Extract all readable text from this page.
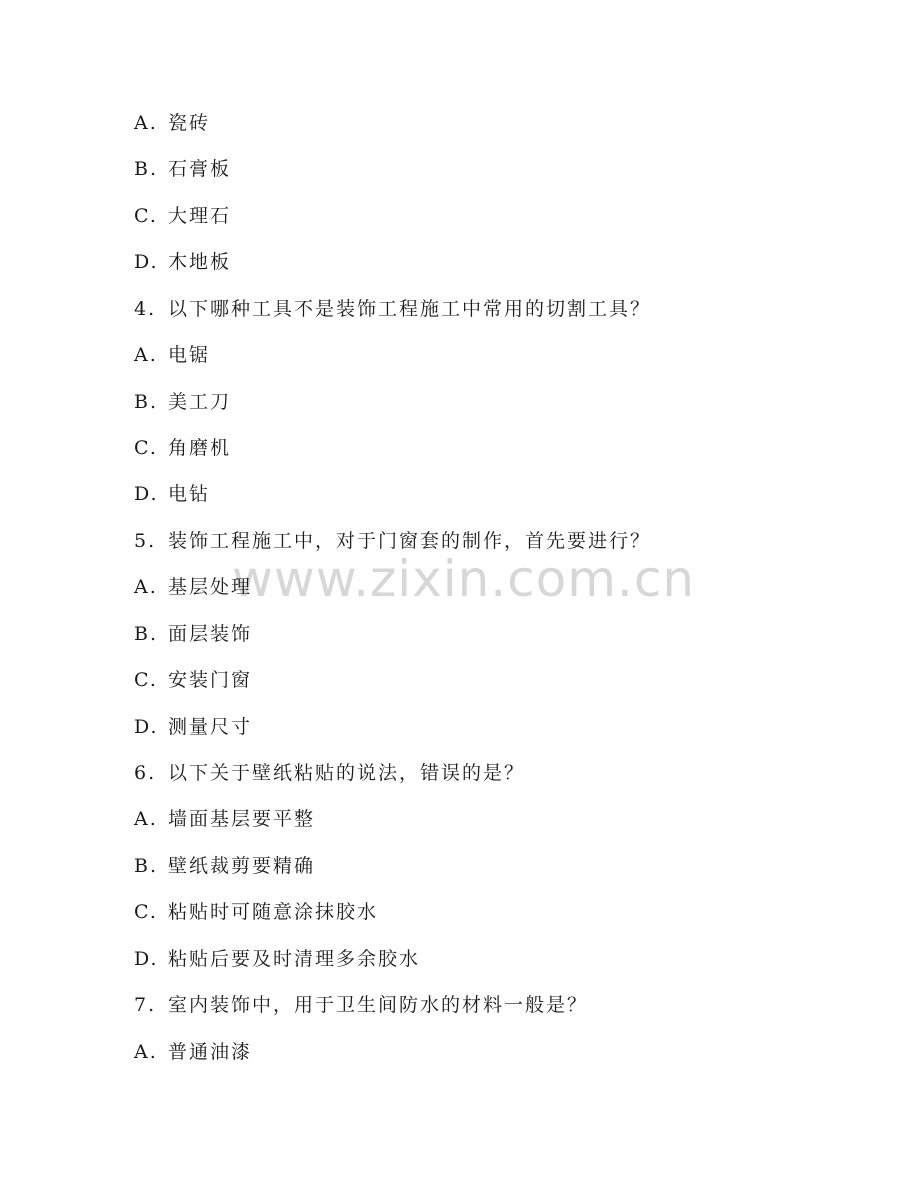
www.zixin.com.cn
A. 瓷砖
B. 石膏板
C. 大理石
D. 木地板
4. 以下哪种工具不是装饰工程施工中常用的切割工具？
A. 电锯
B. 美工刀
C. 角磨机
D. 电钻
5. 装饰工程施工中，对于门窗套的制作，首先要进行？
A. 基层处理
B. 面层装饰
C. 安装门窗
D. 测量尺寸
6. 以下关于壁纸粘贴的说法，错误的是？
A. 墙面基层要平整
B. 壁纸裁剪要精确
C. 粘贴时可随意涂抹胶水
D. 粘贴后要及时清理多余胶水
7. 室内装饰中，用于卫生间防水的材料一般是？
A. 普通油漆
